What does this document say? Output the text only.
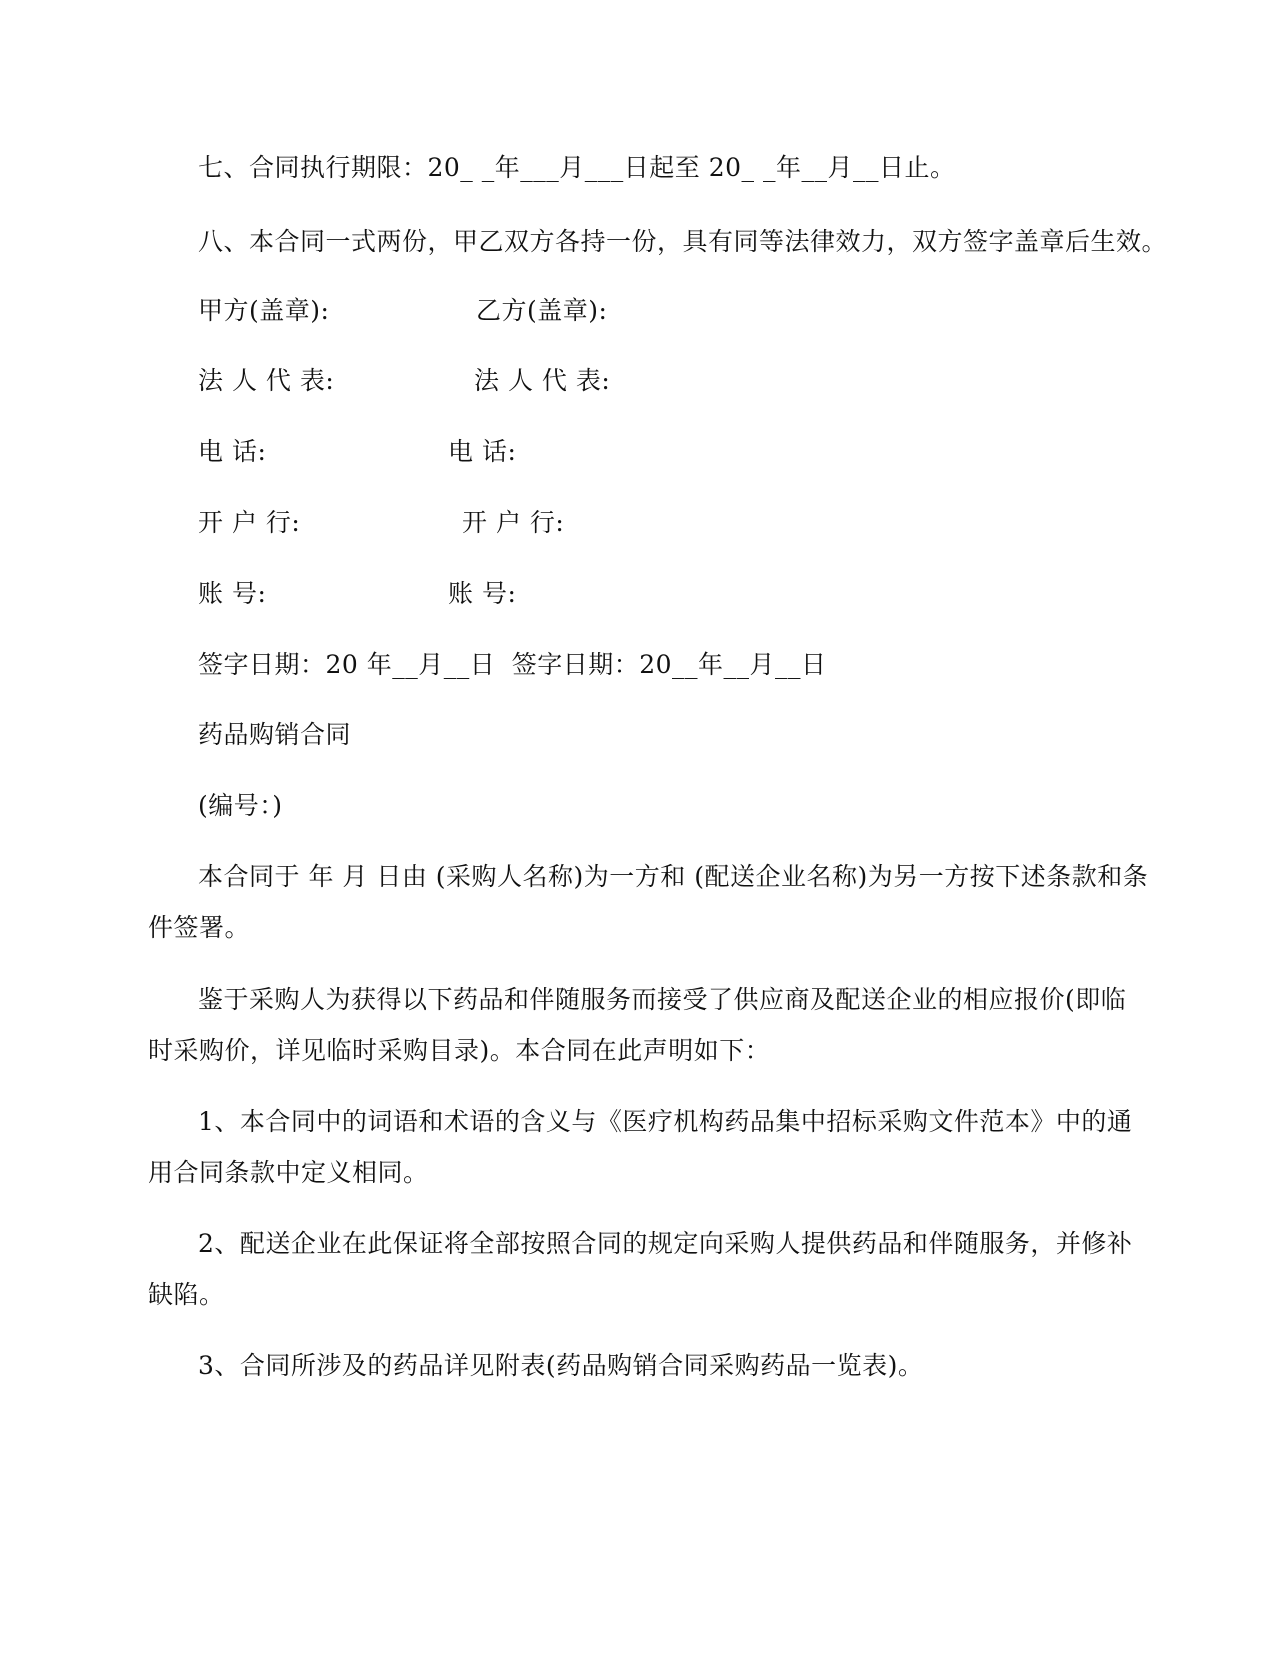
七、合同执行期限：20_ _年___月___日起至 20_ _年__月__日止。
八、本合同一式两份，甲乙双方各持一份，具有同等法律效力，双方签字盖章后生效。
甲方(盖章):	乙方(盖章):
法 人 代 表:	法 人 代 表:
电 话:	电 话:
开 户 行:	开 户 行:
账 号:	账 号:
签字日期：20 年__月__日 签字日期：20__年__月__日
药品购销合同
(编号：)
本合同于 年 月 日由 (采购人名称)为一方和 (配送企业名称)为另一方按下述条款和条
件签署。
鉴于采购人为获得以下药品和伴随服务而接受了供应商及配送企业的相应报价(即临
时采购价，详见临时采购目录)。本合同在此声明如下：
1、本合同中的词语和术语的含义与《医疗机构药品集中招标采购文件范本》中的通
用合同条款中定义相同。
2、配送企业在此保证将全部按照合同的规定向采购人提供药品和伴随服务，并修补
缺陷。
3、合同所涉及的药品详见附表(药品购销合同采购药品一览表)。
